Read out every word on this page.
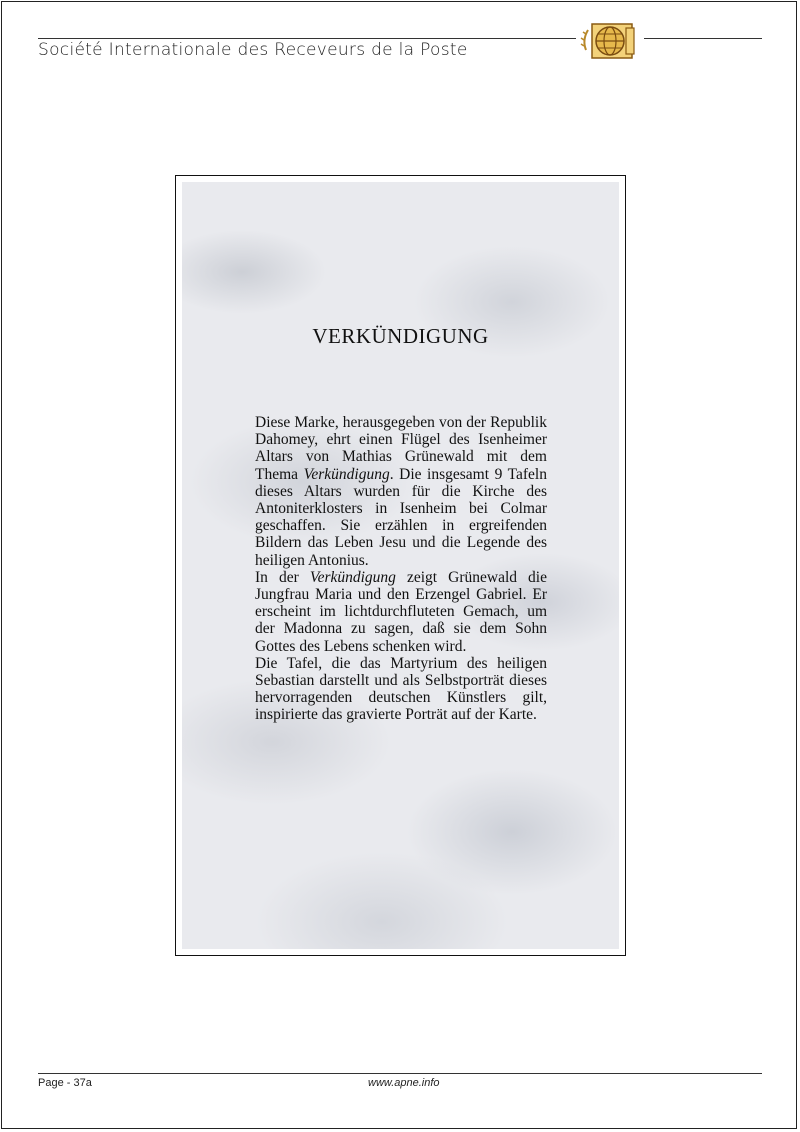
Société Internationale des Receveurs de la Poste
VERKÜNDIGUNG

Diese Marke, herausgegeben von der Republik Dahomey, ehrt einen Flügel des Isenheimer Altars von Mathias Grünewald mit dem Thema Verkündigung. Die insgesamt 9 Tafeln dieses Altars wurden für die Kirche des Antoniterklosters in Isenheim bei Colmar geschaffen. Sie erzählen in ergreifenden Bildern das Leben Jesu und die Legende des heiligen Antonius.

In der Verkündigung zeigt Grünewald die Jungfrau Maria und den Erzengel Gabriel. Er erscheint im lichtdurchfluteten Gemach, um der Madonna zu sagen, daß sie dem Sohn Gottes des Lebens schenken wird.

Die Tafel, die das Martyrium des heiligen Sebastian darstellt und als Selbstporträt dieses hervorragenden deutschen Künstlers gilt, inspirierte das gravierte Porträt auf der Karte.

Page - 37a	www.apne.info
